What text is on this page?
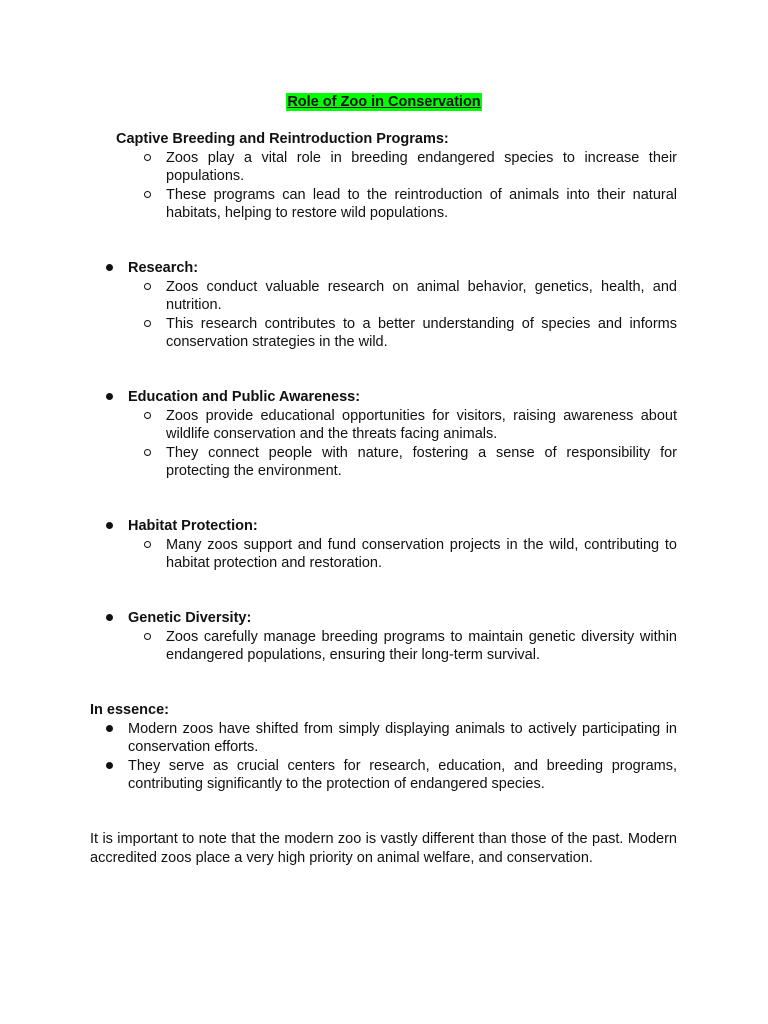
Role of Zoo in Conservation
Captive Breeding and Reintroduction Programs:
Zoos play a vital role in breeding endangered species to increase their populations.
These programs can lead to the reintroduction of animals into their natural habitats, helping to restore wild populations.
Research:
Zoos conduct valuable research on animal behavior, genetics, health, and nutrition.
This research contributes to a better understanding of species and informs conservation strategies in the wild.
Education and Public Awareness:
Zoos provide educational opportunities for visitors, raising awareness about wildlife conservation and the threats facing animals.
They connect people with nature, fostering a sense of responsibility for protecting the environment.
Habitat Protection:
Many zoos support and fund conservation projects in the wild, contributing to habitat protection and restoration.
Genetic Diversity:
Zoos carefully manage breeding programs to maintain genetic diversity within endangered populations, ensuring their long-term survival.
In essence:
Modern zoos have shifted from simply displaying animals to actively participating in conservation efforts.
They serve as crucial centers for research, education, and breeding programs, contributing significantly to the protection of endangered species.
It is important to note that the modern zoo is vastly different than those of the past. Modern accredited zoos place a very high priority on animal welfare, and conservation.
